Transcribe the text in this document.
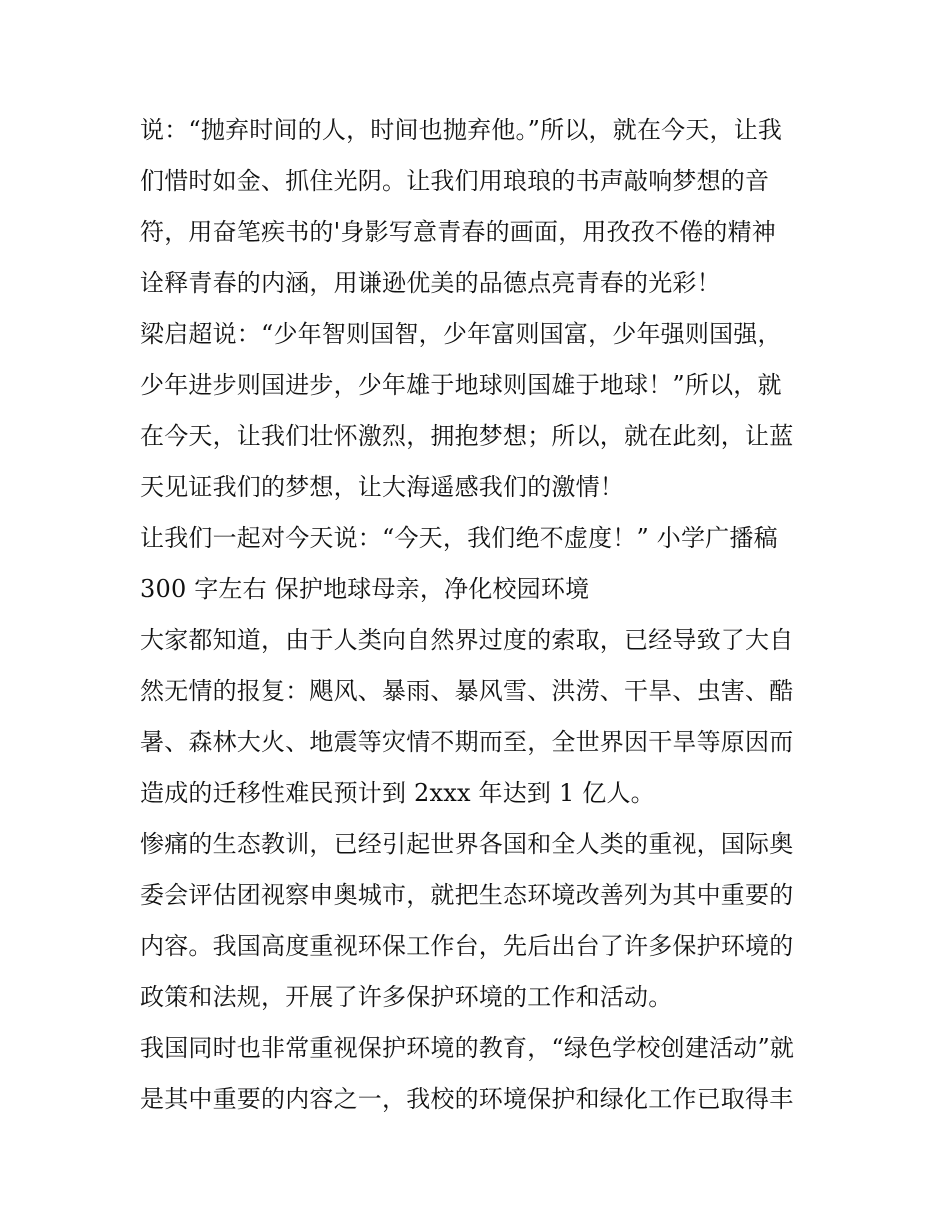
说：“抛弃时间的人，时间也抛弃他。”所以，就在今天，让我
们惜时如金、抓住光阴。让我们用琅琅的书声敲响梦想的音
符，用奋笔疾书的'身影写意青春的画面，用孜孜不倦的精神
诠释青春的内涵，用谦逊优美的品德点亮青春的光彩！
梁启超说：“少年智则国智，少年富则国富，少年强则国强，
少年进步则国进步，少年雄于地球则国雄于地球！”所以，就
在今天，让我们壮怀激烈，拥抱梦想；所以，就在此刻，让蓝
天见证我们的梦想，让大海遥感我们的激情！
让我们一起对今天说：“今天，我们绝不虚度！” 小学广播稿
300 字左右 保护地球母亲，净化校园环境
大家都知道，由于人类向自然界过度的索取，已经导致了大自
然无情的报复：飓风、暴雨、暴风雪、洪涝、干旱、虫害、酷
暑、森林大火、地震等灾情不期而至，全世界因干旱等原因而
造成的迁移性难民预计到 2xxx 年达到 1 亿人。
惨痛的生态教训，已经引起世界各国和全人类的重视，国际奥
委会评估团视察申奥城市，就把生态环境改善列为其中重要的
内容。我国高度重视环保工作台，先后出台了许多保护环境的
政策和法规，开展了许多保护环境的工作和活动。
我国同时也非常重视保护环境的教育，“绿色学校创建活动”就
是其中重要的内容之一，我校的环境保护和绿化工作已取得丰
